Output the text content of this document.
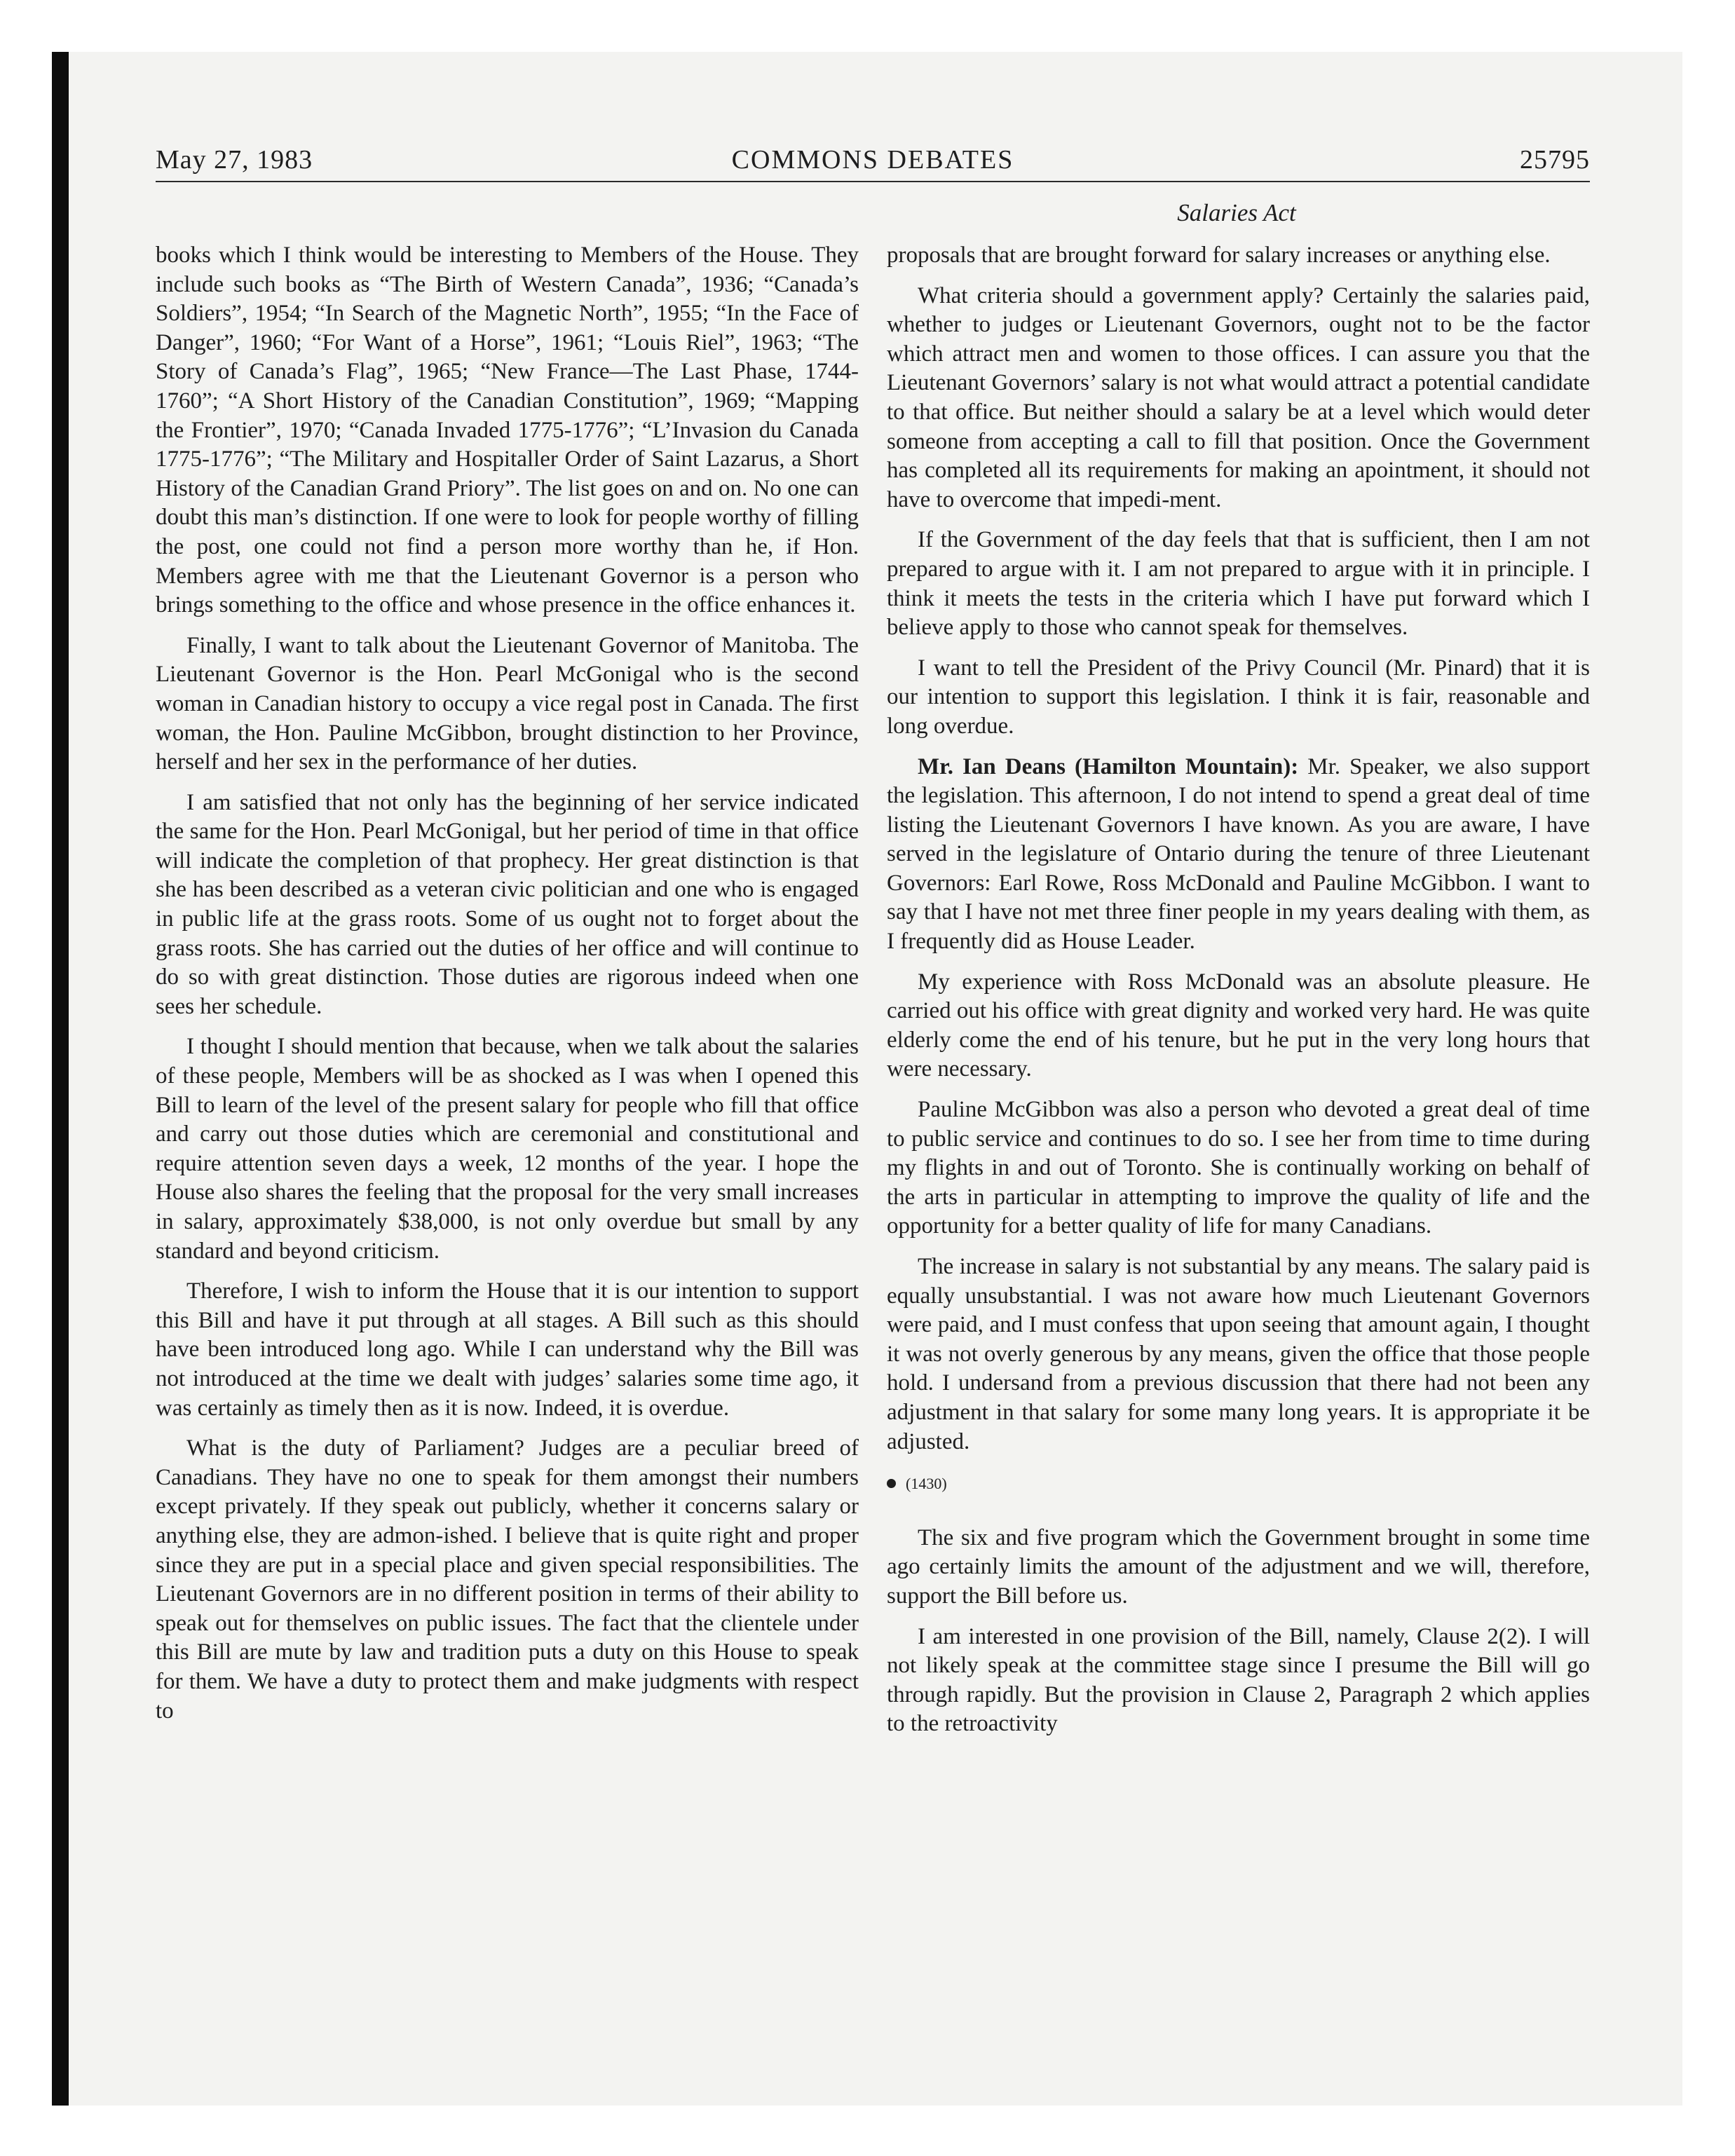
May 27, 1983	COMMONS DEBATES	25795
Salaries Act

books which I think would be interesting to Members of the House. They include such books as “The Birth of Western Canada”, 1936; “Canada’s Soldiers”, 1954; “In Search of the Magnetic North”, 1955; “In the Face of Danger”, 1960; “For Want of a Horse”, 1961; “Louis Riel”, 1963; “The Story of Canada’s Flag”, 1965; “New France—The Last Phase, 1744-1760”; “A Short History of the Canadian Constitution”, 1969; “Mapping the Frontier”, 1970; “Canada Invaded 1775-1776”; “L’Invasion du Canada 1775-1776”; “The Military and Hospitaller Order of Saint Lazarus, a Short History of the Canadian Grand Priory”. The list goes on and on. No one can doubt this man’s distinction. If one were to look for people worthy of filling the post, one could not find a person more worthy than he, if Hon. Members agree with me that the Lieutenant Governor is a person who brings something to the office and whose presence in the office enhances it.

Finally, I want to talk about the Lieutenant Governor of Manitoba. The Lieutenant Governor is the Hon. Pearl McGonigal who is the second woman in Canadian history to occupy a vice regal post in Canada. The first woman, the Hon. Pauline McGibbon, brought distinction to her Province, herself and her sex in the performance of her duties.

I am satisfied that not only has the beginning of her service indicated the same for the Hon. Pearl McGonigal, but her period of time in that office will indicate the completion of that prophecy. Her great distinction is that she has been described as a veteran civic politician and one who is engaged in public life at the grass roots. Some of us ought not to forget about the grass roots. She has carried out the duties of her office and will continue to do so with great distinction. Those duties are rigorous indeed when one sees her schedule.

I thought I should mention that because, when we talk about the salaries of these people, Members will be as shocked as I was when I opened this Bill to learn of the level of the present salary for people who fill that office and carry out those duties which are ceremonial and constitutional and require attention seven days a week, 12 months of the year. I hope the House also shares the feeling that the proposal for the very small increases in salary, approximately $38,000, is not only overdue but small by any standard and beyond criticism.

Therefore, I wish to inform the House that it is our intention to support this Bill and have it put through at all stages. A Bill such as this should have been introduced long ago. While I can understand why the Bill was not introduced at the time we dealt with judges’ salaries some time ago, it was certainly as timely then as it is now. Indeed, it is overdue.

What is the duty of Parliament? Judges are a peculiar breed of Canadians. They have no one to speak for them amongst their numbers except privately. If they speak out publicly, whether it concerns salary or anything else, they are admon-ished. I believe that is quite right and proper since they are put in a special place and given special responsibilities. The Lieutenant Governors are in no different position in terms of their ability to speak out for themselves on public issues. The fact that the clientele under this Bill are mute by law and tradition puts a duty on this House to speak for them. We have a duty to protect them and make judgments with respect to

proposals that are brought forward for salary increases or anything else.

What criteria should a government apply? Certainly the salaries paid, whether to judges or Lieutenant Governors, ought not to be the factor which attract men and women to those offices. I can assure you that the Lieutenant Governors’ salary is not what would attract a potential candidate to that office. But neither should a salary be at a level which would deter someone from accepting a call to fill that position. Once the Government has completed all its requirements for making an apointment, it should not have to overcome that impedi-ment.

If the Government of the day feels that that is sufficient, then I am not prepared to argue with it. I am not prepared to argue with it in principle. I think it meets the tests in the criteria which I have put forward which I believe apply to those who cannot speak for themselves.

I want to tell the President of the Privy Council (Mr. Pinard) that it is our intention to support this legislation. I think it is fair, reasonable and long overdue.

Mr. Ian Deans (Hamilton Mountain): Mr. Speaker, we also support the legislation. This afternoon, I do not intend to spend a great deal of time listing the Lieutenant Governors I have known. As you are aware, I have served in the legislature of Ontario during the tenure of three Lieutenant Governors: Earl Rowe, Ross McDonald and Pauline McGibbon. I want to say that I have not met three finer people in my years dealing with them, as I frequently did as House Leader.

My experience with Ross McDonald was an absolute pleasure. He carried out his office with great dignity and worked very hard. He was quite elderly come the end of his tenure, but he put in the very long hours that were necessary.

Pauline McGibbon was also a person who devoted a great deal of time to public service and continues to do so. I see her from time to time during my flights in and out of Toronto. She is continually working on behalf of the arts in particular in attempting to improve the quality of life and the opportunity for a better quality of life for many Canadians.

The increase in salary is not substantial by any means. The salary paid is equally unsubstantial. I was not aware how much Lieutenant Governors were paid, and I must confess that upon seeing that amount again, I thought it was not overly generous by any means, given the office that those people hold. I undersand from a previous discussion that there had not been any adjustment in that salary for some many long years. It is appropriate it be adjusted.

(1430)

The six and five program which the Government brought in some time ago certainly limits the amount of the adjustment and we will, therefore, support the Bill before us.

I am interested in one provision of the Bill, namely, Clause 2(2). I will not likely speak at the committee stage since I presume the Bill will go through rapidly. But the provision in Clause 2, Paragraph 2 which applies to the retroactivity
